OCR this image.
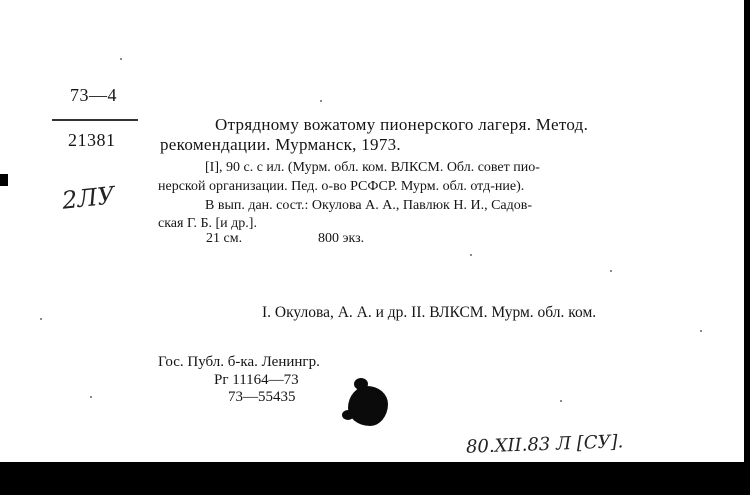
73—4
21381
2ЛУ
Отрядному вожатому пионерского лагеря. Метод.
рекомендации. Мурманск, 1973.
[I], 90 с. с ил. (Мурм. обл. ком. ВЛКСМ. Обл. совет пио-
нерской организации. Пед. о-во РСФСР. Мурм. обл. отд-ние).
В вып. дан. сост.: Окулова А. А., Павлюк Н. И., Садов-
ская Г. Б. [и др.].
21 см.	800 экз.
I. Окулова, А. А. и др. II. ВЛКСМ. Мурм. обл. ком.
Гос. Публ. б-ка. Ленингр.
Рг 11164—73
73—55435
80.XII.83 Л [СУ].
